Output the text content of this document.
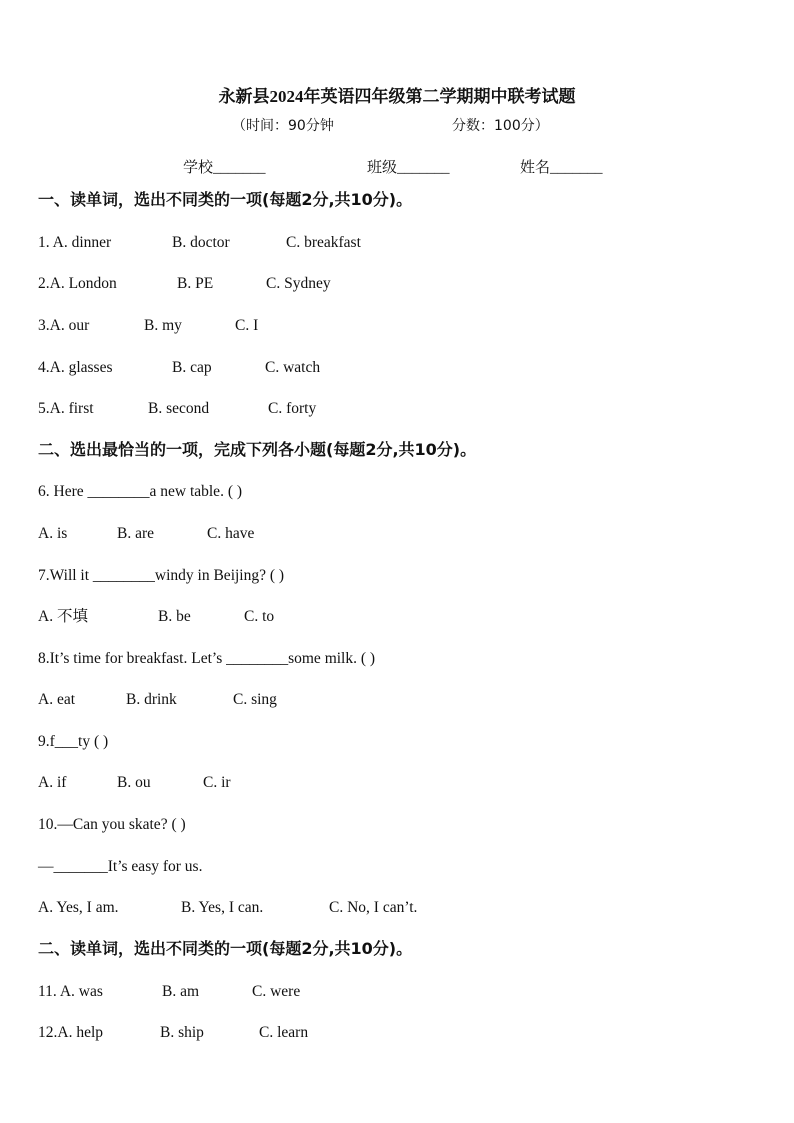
永新县2024年英语四年级第二学期期中联考试题
（时间：90分钟	分数：100分）
学校_______	班级_______	姓名_______
一、读单词，选出不同类的一项(每题2分,共10分)。
1. A. dinner	B. doctor	C. breakfast
2.A. London	B. PE	C. Sydney
3.A. our	B. my	C. I
4.A. glasses	B. cap	C. watch
5.A. first	B. second	C. forty
二、选出最恰当的一项，完成下列各小题(每题2分,共10分)。
6. Here ________a new table. ( )
A. is	B. are	C. have
7.Will it ________windy in Beijing? ( )
A. 不填	B. be	C. to
8.It’s time for breakfast. Let’s ________some milk. ( )
A. eat	B. drink	C. sing
9.f___ty ( )
A. if	B. ou	C. ir
10.—Can you skate? ( )
—_______It’s easy for us.
A. Yes, I am.	B. Yes, I can.	C. No, I can’t.
二、读单词，选出不同类的一项(每题2分,共10分)。
11. A. was	B. am	C. were
12.A. help	B. ship	C. learn
